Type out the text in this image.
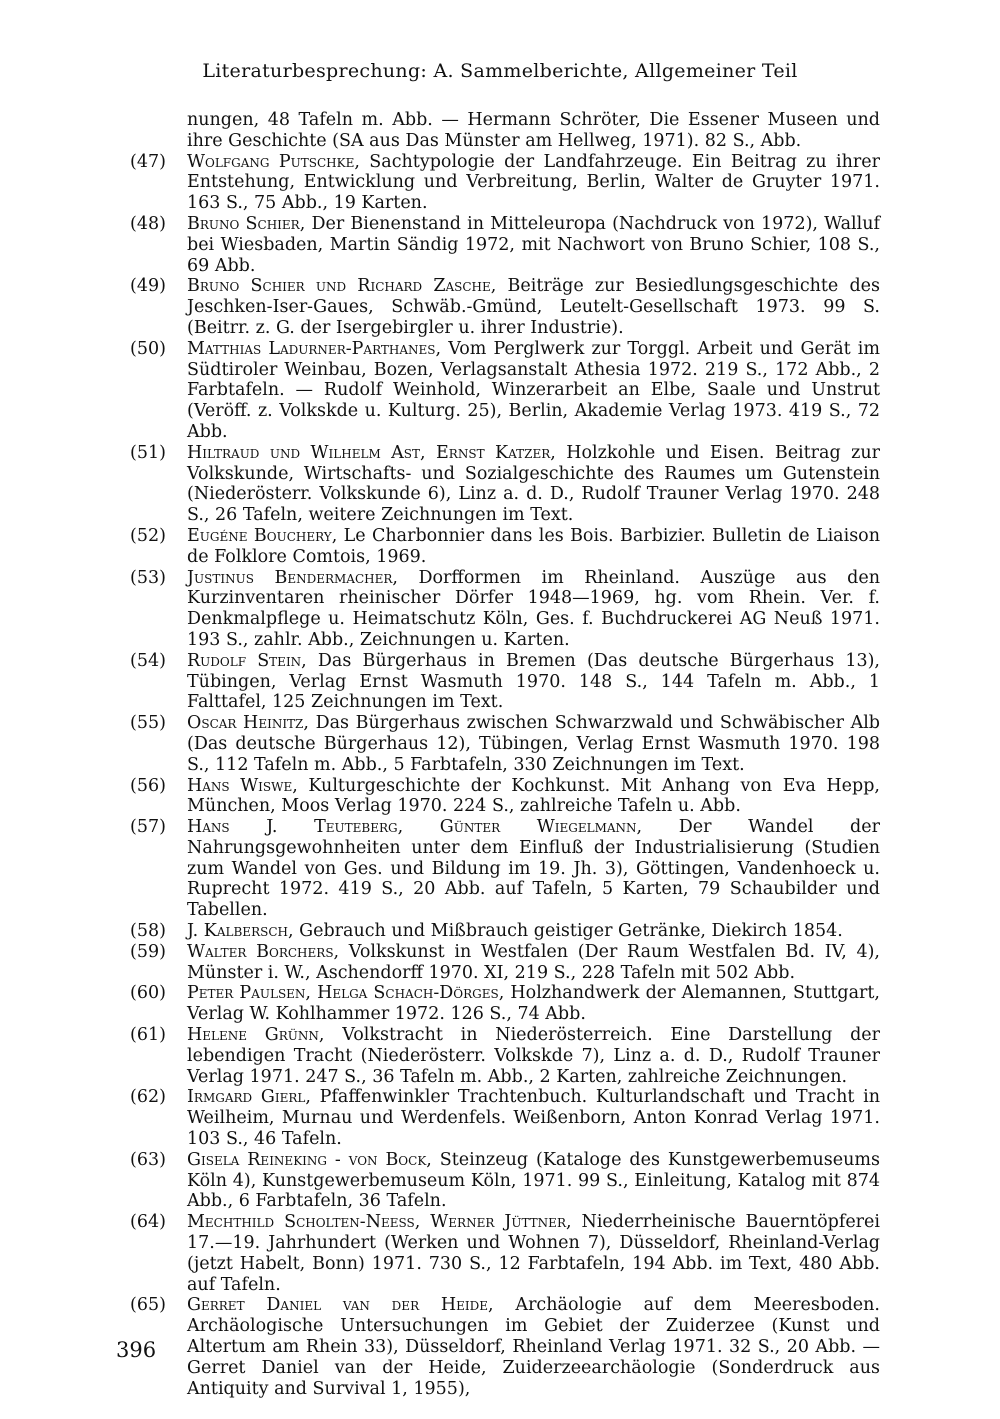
Literaturbesprechung: A. Sammelberichte, Allgemeiner Teil
nungen, 48 Tafeln m. Abb. — Hermann Schröter, Die Essener Museen und ihre Geschichte (SA aus Das Münster am Hellweg, 1971). 82 S., Abb.
(47) Wolfgang Putschke, Sachtypologie der Landfahrzeuge. Ein Beitrag zu ihrer Entstehung, Entwicklung und Verbreitung, Berlin, Walter de Gruyter 1971. 163 S., 75 Abb., 19 Karten.
(48) Bruno Schier, Der Bienenstand in Mitteleuropa (Nachdruck von 1972), Walluf bei Wiesbaden, Martin Sändig 1972, mit Nachwort von Bruno Schier, 108 S., 69 Abb.
(49) Bruno Schier und Richard Zasche, Beiträge zur Besiedlungsgeschichte des Jeschken-Iser-Gaues, Schwäb.-Gmünd, Leutelt-Gesellschaft 1973. 99 S. (Beitrr. z. G. der Isergebirgler u. ihrer Industrie).
(50) Matthias Ladurner-Parthanes, Vom Perglwerk zur Torggl. Arbeit und Gerät im Südtiroler Weinbau, Bozen, Verlagsanstalt Athesia 1972. 219 S., 172 Abb., 2 Farbtafeln. — Rudolf Weinhold, Winzerarbeit an Elbe, Saale und Unstrut (Veröff. z. Volkskde u. Kulturg. 25), Berlin, Akademie Verlag 1973. 419 S., 72 Abb.
(51) Hiltraud und Wilhelm Ast, Ernst Katzer, Holzkohle und Eisen. Beitrag zur Volkskunde, Wirtschafts- und Sozialgeschichte des Raumes um Gutenstein (Niederösterr. Volkskunde 6), Linz a. d. D., Rudolf Trauner Verlag 1970. 248 S., 26 Tafeln, weitere Zeichnungen im Text.
(52) Eugéne Bouchery, Le Charbonnier dans les Bois. Barbizier. Bulletin de Liaison de Folklore Comtois, 1969.
(53) Justinus Bendermacher, Dorfformen im Rheinland. Auszüge aus den Kurzinventaren rheinischer Dörfer 1948—1969, hg. vom Rhein. Ver. f. Denkmalpflege u. Heimatschutz Köln, Ges. f. Buchdruckerei AG Neuß 1971. 193 S., zahlr. Abb., Zeichnungen u. Karten.
(54) Rudolf Stein, Das Bürgerhaus in Bremen (Das deutsche Bürgerhaus 13), Tübingen, Verlag Ernst Wasmuth 1970. 148 S., 144 Tafeln m. Abb., 1 Falttafel, 125 Zeichnungen im Text.
(55) Oscar Heinitz, Das Bürgerhaus zwischen Schwarzwald und Schwäbischer Alb (Das deutsche Bürgerhaus 12), Tübingen, Verlag Ernst Wasmuth 1970. 198 S., 112 Tafeln m. Abb., 5 Farbtafeln, 330 Zeichnungen im Text.
(56) Hans Wiswe, Kulturgeschichte der Kochkunst. Mit Anhang von Eva Hepp, München, Moos Verlag 1970. 224 S., zahlreiche Tafeln u. Abb.
(57) Hans J. Teuteberg, Günter Wiegelmann, Der Wandel der Nahrungsgewohnheiten unter dem Einfluß der Industrialisierung (Studien zum Wandel von Ges. und Bildung im 19. Jh. 3), Göttingen, Vandenhoeck u. Ruprecht 1972. 419 S., 20 Abb. auf Tafeln, 5 Karten, 79 Schaubilder und Tabellen.
(58) J. Kalbersch, Gebrauch und Mißbrauch geistiger Getränke, Diekirch 1854.
(59) Walter Borchers, Volkskunst in Westfalen (Der Raum Westfalen Bd. IV, 4), Münster i. W., Aschendorff 1970. XI, 219 S., 228 Tafeln mit 502 Abb.
(60) Peter Paulsen, Helga Schach-Dörges, Holzhandwerk der Alemannen, Stuttgart, Verlag W. Kohlhammer 1972. 126 S., 74 Abb.
(61) Helene Grünn, Volkstracht in Niederösterreich. Eine Darstellung der lebendigen Tracht (Niederösterr. Volkskde 7), Linz a. d. D., Rudolf Trauner Verlag 1971. 247 S., 36 Tafeln m. Abb., 2 Karten, zahlreiche Zeichnungen.
(62) Irmgard Gierl, Pfaffenwinkler Trachtenbuch. Kulturlandschaft und Tracht in Weilheim, Murnau und Werdenfels. Weißenborn, Anton Konrad Verlag 1971. 103 S., 46 Tafeln.
(63) Gisela Reineking - von Bock, Steinzeug (Kataloge des Kunstgewerbemuseums Köln 4), Kunstgewerbemuseum Köln, 1971. 99 S., Einleitung, Katalog mit 874 Abb., 6 Farbtafeln, 36 Tafeln.
(64) Mechthild Scholten-Neess, Werner Jüttner, Niederrheinische Bauerntöpferei 17.—19. Jahrhundert (Werken und Wohnen 7), Düsseldorf, Rheinland-Verlag (jetzt Habelt, Bonn) 1971. 730 S., 12 Farbtafeln, 194 Abb. im Text, 480 Abb. auf Tafeln.
(65) Gerret Daniel van der Heide, Archäologie auf dem Meeresboden. Archäologische Untersuchungen im Gebiet der Zuiderzee (Kunst und Altertum am Rhein 33), Düsseldorf, Rheinland Verlag 1971. 32 S., 20 Abb. — Gerret Daniel van der Heide, Zuiderzeearchäologie (Sonderdruck aus Antiquity and Survival 1, 1955),
396
